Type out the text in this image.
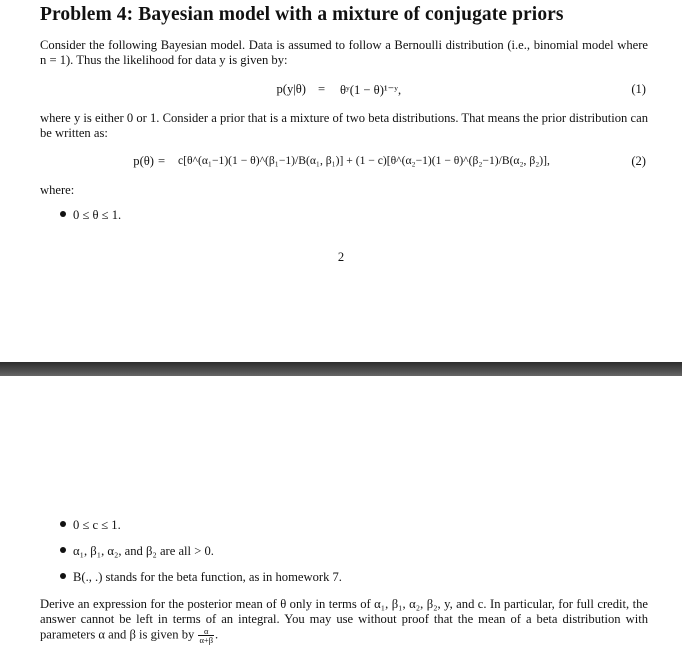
Problem 4: Bayesian model with a mixture of conjugate priors
Consider the following Bayesian model. Data is assumed to follow a Bernoulli distribution (i.e., binomial model where n = 1). Thus the likelihood for data y is given by:
p(y|θ) = θʸ(1 − θ)¹⁻ʸ,	(1)
where y is either 0 or 1. Consider a prior that is a mixture of two beta distributions. That means the prior distribution can be written as:
p(θ) = c[θ^(α₁−1)(1 − θ)^(β₁−1)/B(α₁, β₁)] + (1 − c)[θ^(α₂−1)(1 − θ)^(β₂−1)/B(α₂, β₂)],	(2)
where:
0 ≤ θ ≤ 1.
2
0 ≤ c ≤ 1.
α₁, β₁, α₂, and β₂ are all > 0.
B(., .) stands for the beta function, as in homework 7.
Derive an expression for the posterior mean of θ only in terms of α₁, β₁, α₂, β₂, y, and c. In particular, for full credit, the answer cannot be left in terms of an integral. You may use without proof that the mean of a beta distribution with parameters α and β is given by $\frac{\alpha}{\alpha+\beta}$ .
